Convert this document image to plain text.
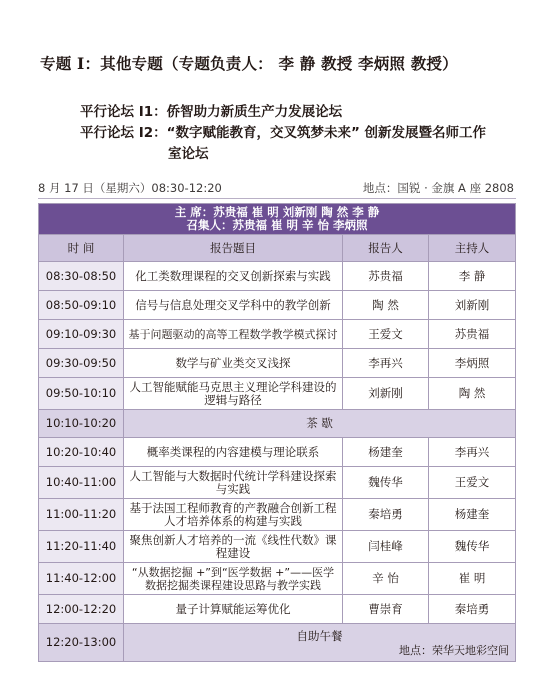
专题 I：其他专题（专题负责人： 李 静 教授 李炳照 教授）
平行论坛 I1：侨智助力新质生产力发展论坛
平行论坛 I2：“数字赋能教育，交叉筑梦未来” 创新发展暨名师工作
室论坛
8 月 17 日（星期六）08:30-12:20	地点：国锐 · 金旗 A 座 2808
主 席：苏贵福 崔 明 刘新刚 陶 然 李 静
召集人：苏贵福 崔 明 辛 怡 李炳照			

时 间	报告题目	报告人	主持人
08:30-08:50	化工类数理课程的交叉创新探索与实践	苏贵福	李 静
08:50-09:10	信号与信息处理交叉学科中的教学创新	陶 然	刘新刚
09:10-09:30	基于问题驱动的高等工程数学教学模式探讨	王爱文	苏贵福
09:30-09:50	数学与矿业类交叉浅探	李再兴	李炳照
09:50-10:10	人工智能赋能马克思主义理论学科建设的逻辑与路径	刘新刚	陶 然
10:10-10:20	茶 歇		
10:20-10:40	概率类课程的内容建模与理论联系	杨建奎	李再兴
10:40-11:00	人工智能与大数据时代统计学科建设探索与实践	魏传华	王爱文
11:00-11:20	基于法国工程师教育的产教融合创新工程人才培养体系的构建与实践	秦培勇	杨建奎
11:20-11:40	聚焦创新人才培养的一流《线性代数》课程建设	闫桂峰	魏传华
11:40-12:00	“从数据挖掘 +”到“医学数据 +”——医学数据挖掘类课程建设思路与教学实践	辛 怡	崔 明
12:00-12:20	量子计算赋能运筹优化	曹崇育	秦培勇
12:20-13:00	自助午餐
地点：荣华天地彩空间		
